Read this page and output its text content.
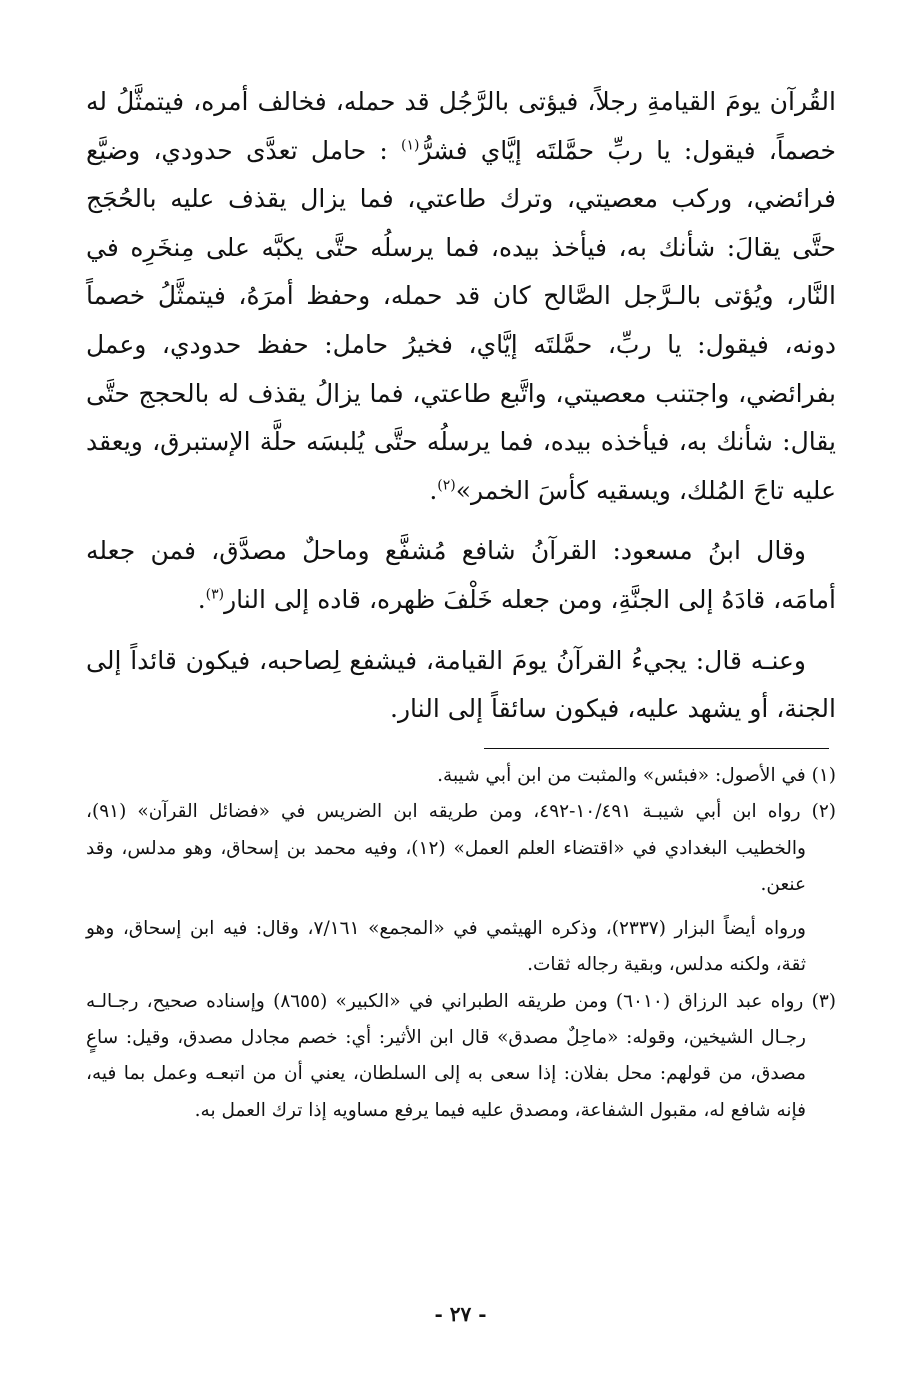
القُرآن يومَ القيامةِ رجلاً، فيؤتى بالرَّجُل قد حمله، فخالف أمره، فيتمثَّلُ له خصماً، فيقول: يا ربِّ حمَّلتَه إيَّاي فشرُّ$^{(١)}$ : حامل تعدَّى حدودي، وضيَّع فرائضي، وركب معصيتي، وترك طاعتي، فما يزال يقذف عليه بالحُجَج حتَّى يقالَ: شأنك به، فيأخذ بيده، فما يرسلُه حتَّى يكبَّه على مِنخَرِه في النَّار، ويُؤتى بالـرَّجل الصَّالح كان قد حمله، وحفظ أمرَهُ، فيتمثَّلُ خصماً دونه، فيقول: يا ربِّ، حمَّلتَه إيَّاي، فخيرُ حامل: حفظ حدودي، وعمل بفرائضي، واجتنب معصيتي، واتَّبع طاعتي، فما يزالُ يقذف له بالحجج حتَّى يقال: شأنك به، فيأخذه بيده، فما يرسلُه حتَّى يُلبسَه حلَّة الإستبرق، ويعقد عليه تاجَ المُلك، ويسقيه كأسَ الخمر»$^{(٢)}$.

وقال ابنُ مسعود: القرآنُ شافع مُشفَّع وماحلٌ مصدَّق، فمن جعله أمامَه، قادَهُ إلى الجنَّةِ، ومن جعله خَلْفَ ظهره، قاده إلى النار$^{(٣)}$.

وعنـه قال: يجيءُ القرآنُ يومَ القيامة، فيشفع لِصاحبه، فيكون قائداً إلى الجنة، أو يشهد عليه، فيكون سائقاً إلى النار.

(١) في الأصول: «فبئس» والمثبت من ابن أبي شيبة.

(٢) رواه ابن أبي شيبـة ١٠/٤٩١-٤٩٢، ومن طريقه ابن الضريس في «فضائل القرآن» (٩١)، والخطيب البغدادي في «اقتضاء العلم العمل» (١٢)، وفيه محمد بن إسحاق، وهو مدلس، وقد عنعن.

ورواه أيضاً البزار (٢٣٣٧)، وذكره الهيثمي في «المجمع» ٧/١٦١، وقال: فيه ابن إسحاق، وهو ثقة، ولكنه مدلس، وبقية رجاله ثقات.

(٣) رواه عبد الرزاق (٦٠١٠) ومن طريقه الطبراني في «الكبير» (٨٦٥٥) وإسناده صحيح، رجـالـه رجـال الشيخين، وقوله: «ماحِلٌ مصدق» قال ابن الأثير: أي: خصم مجادل مصدق، وقيل: ساعٍ مصدق، من قولهم: محل بفلان: إذا سعى به إلى السلطان، يعني أن من اتبعـه وعمل بما فيه، فإنه شافع له، مقبول الشفاعة، ومصدق عليه فيما يرفع مساويه إذا ترك العمل به.

- ٢٧ -
